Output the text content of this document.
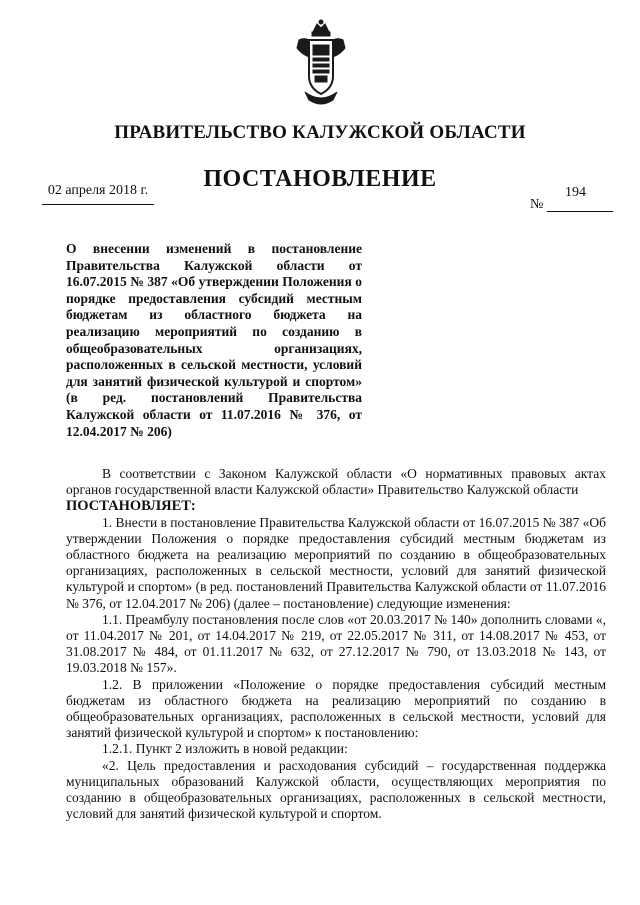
ПРАВИТЕЛЬСТВО КАЛУЖСКОЙ ОБЛАСТИ
ПОСТАНОВЛЕНИЕ
02 апреля 2018 г.	194
№
О внесении изменений в постановление Правительства Калужской области от 16.07.2015 № 387 «Об утверждении Положения о порядке предоставления субсидий местным бюджетам из областного бюджета на реализацию мероприятий по созданию в общеобразовательных организациях, расположенных в сельской местности, условий для занятий физической культурой и спортом» (в ред. постановлений Правительства Калужской области от 11.07.2016 № 376, от 12.04.2017 № 206)

В соответствии с Законом Калужской области «О нормативных правовых актах органов государственной власти Калужской области» Правительство Калужской области

ПОСТАНОВЛЯЕТ:

1. Внести в постановление Правительства Калужской области от 16.07.2015 № 387 «Об утверждении Положения о порядке предоставления субсидий местным бюджетам из областного бюджета на реализацию мероприятий по созданию в общеобразовательных организациях, расположенных в сельской местности, условий для занятий физической культурой и спортом» (в ред. постановлений Правительства Калужской области от 11.07.2016 № 376, от 12.04.2017 № 206) (далее – постановление) следующие изменения:

1.1. Преамбулу постановления после слов «от 20.03.2017 № 140» дополнить словами «, от 11.04.2017 № 201, от 14.04.2017 № 219, от 22.05.2017 № 311, от 14.08.2017 № 453, от 31.08.2017 № 484, от 01.11.2017 № 632, от 27.12.2017 № 790, от 13.03.2018 № 143, от 19.03.2018 № 157».

1.2. В приложении «Положение о порядке предоставления субсидий местным бюджетам из областного бюджета на реализацию мероприятий по созданию в общеобразовательных организациях, расположенных в сельской местности, условий для занятий физической культурой и спортом» к постановлению:

1.2.1. Пункт 2 изложить в новой редакции:

«2. Цель предоставления и расходования субсидий – государственная поддержка муниципальных образований Калужской области, осуществляющих мероприятия по созданию в общеобразовательных организациях, расположенных в сельской местности, условий для занятий физической культурой и спортом.
